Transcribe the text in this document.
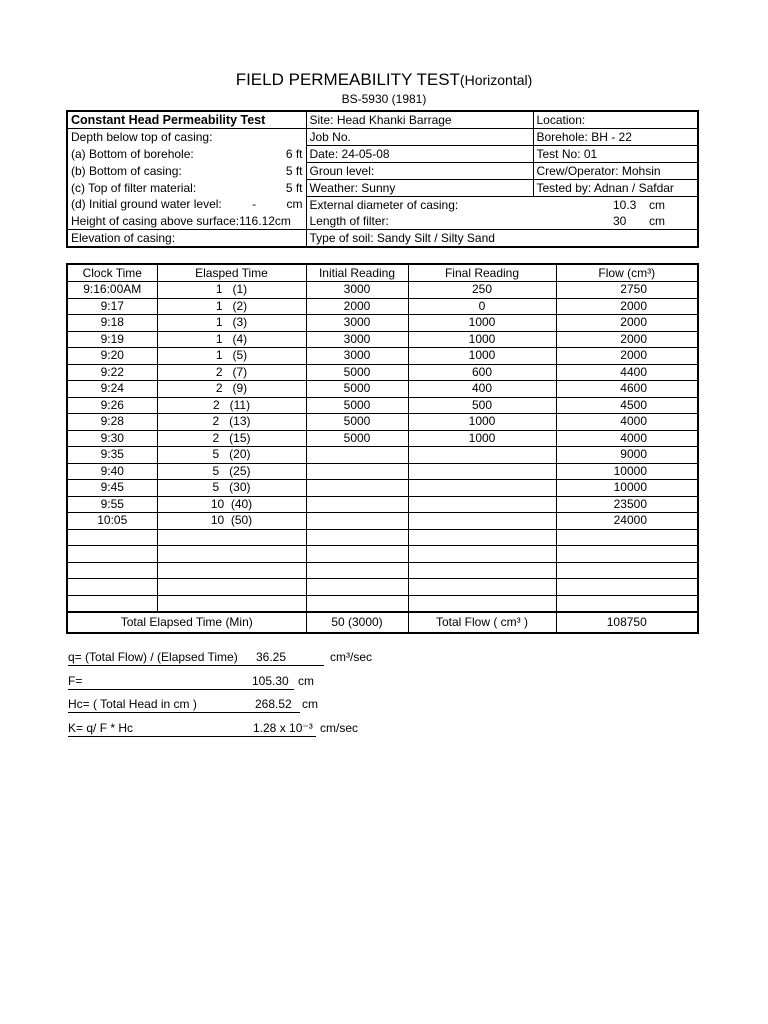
FIELD PERMEABILITY TEST(Horizontal)
BS-5930 (1981)
Constant Head Permeability Test	Site: Head Khanki Barrage	Location:
Depth below top of casing:	Job No.	Borehole: BH - 22

(a) Bottom of borehole: 6 ft	Date: 24-05-08	Test No: 01

(b) Bottom of casing: 5 ft	Groun level:	Crew/Operator: Mohsin

(c) Top of filter material: 5 ft	Weather: Sunny	Tested by: Adnan / Safdar

(d) Initial ground water level: - cm	External diameter of casing: 10.3 cm	

Height of casing above surface:116.12cm	Length of filter: 30 cm	

Elevation of casing:	Type of soil: Sandy Silt / Silty Sand	
Clock Time	Elasped Time	Initial Reading	Final Reading	Flow (cm³)
9:16:00AM	1   (1)	3000	250	2750
9:17	1   (2)	2000	0	2000
9:18	1   (3)	3000	1000	2000
9:19	1   (4)	3000	1000	2000
9:20	1   (5)	3000	1000	2000
9:22	2   (7)	5000	600	4400
9:24	2   (9)	5000	400	4600
9:26	2   (11)	5000	500	4500
9:28	2   (13)	5000	1000	4000
9:30	2   (15)	5000	1000	4000
9:35	5   (20)			9000
9:40	5   (25)			10000
9:45	5   (30)			10000
9:55	10  (40)			23500
10:05	10  (50)			24000

Total Elapsed Time (Min)		50 (3000)	Total Flow ( cm³ )	108750
q= (Total Flow) / (Elapsed Time) 36.25	cm³/sec
F=	105.30 cm
Hc= ( Total Head in cm )	268.52 cm
K= q/ F * Hc	1.28 x 10⁻³ cm/sec
